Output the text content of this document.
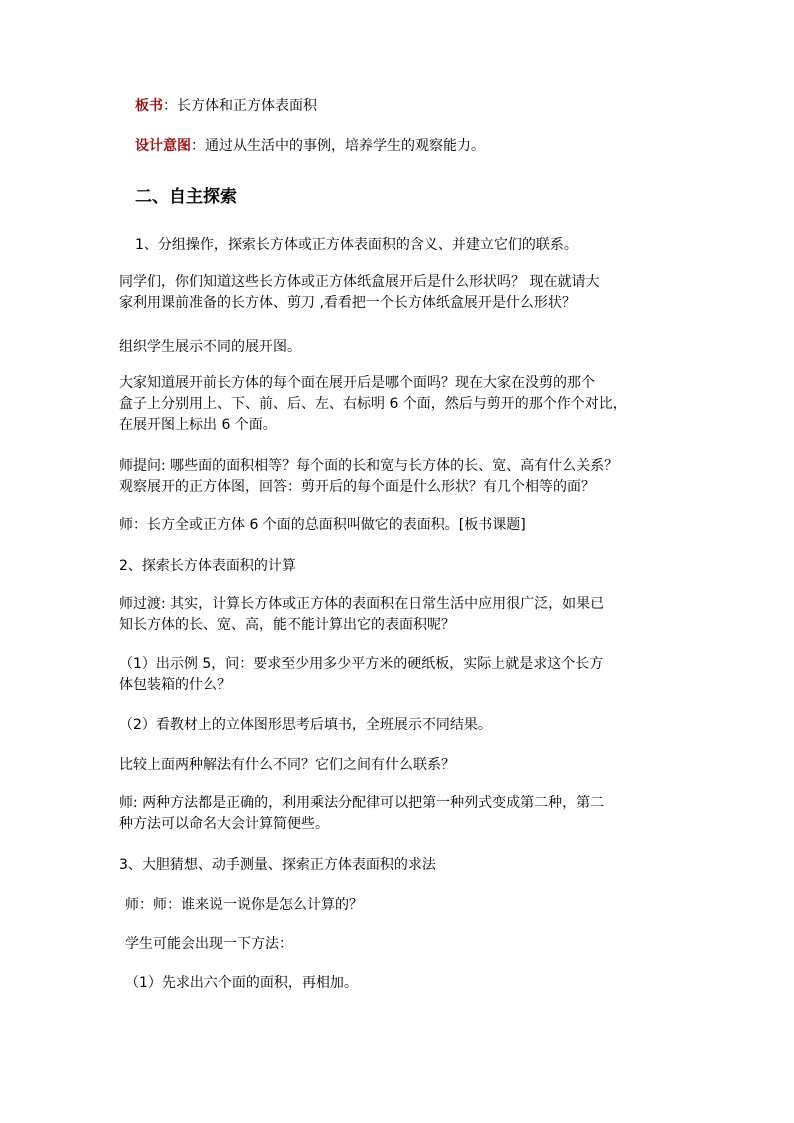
板书：长方体和正方体表面积
设计意图：通过从生活中的事例，培养学生的观察能力。
二、自主探索
1、分组操作，探索长方体或正方体表面积的含义、并建立它们的联系。
同学们，你们知道这些长方体或正方体纸盒展开后是什么形状吗？ 现在就请大
家利用课前准备的长方体、剪刀 ,看看把一个长方体纸盒展开是什么形状？
组织学生展示不同的展开图。
大家知道展开前长方体的每个面在展开后是哪个面吗？现在大家在没剪的那个
盒子上分别用上、下、前、后、左、右标明 6 个面，然后与剪开的那个作个对比，
在展开图上标出 6 个面。
师提问: 哪些面的面积相等？每个面的长和宽与长方体的长、宽、高有什么关系？
观察展开的正方体图，回答：剪开后的每个面是什么形状？有几个相等的面？
师：长方全或正方体 6 个面的总面积叫做它的表面积。[板书课题]
2、探索长方体表面积的计算
师过渡: 其实，计算长方体或正方体的表面积在日常生活中应用很广泛，如果已
知长方体的长、宽、高，能不能计算出它的表面积呢？
（1）出示例 5，问：要求至少用多少平方米的硬纸板，实际上就是求这个长方
体包装箱的什么？
（2）看教材上的立体图形思考后填书，全班展示不同结果。
比较上面两种解法有什么不同？它们之间有什么联系？
师: 两种方法都是正确的，利用乘法分配律可以把第一种列式变成第二种，第二
种方法可以命名大会计算简便些。
3、大胆猜想、动手测量、探索正方体表面积的求法
师：师：谁来说一说你是怎么计算的？
学生可能会出现一下方法：
（1）先求出六个面的面积，再相加。
